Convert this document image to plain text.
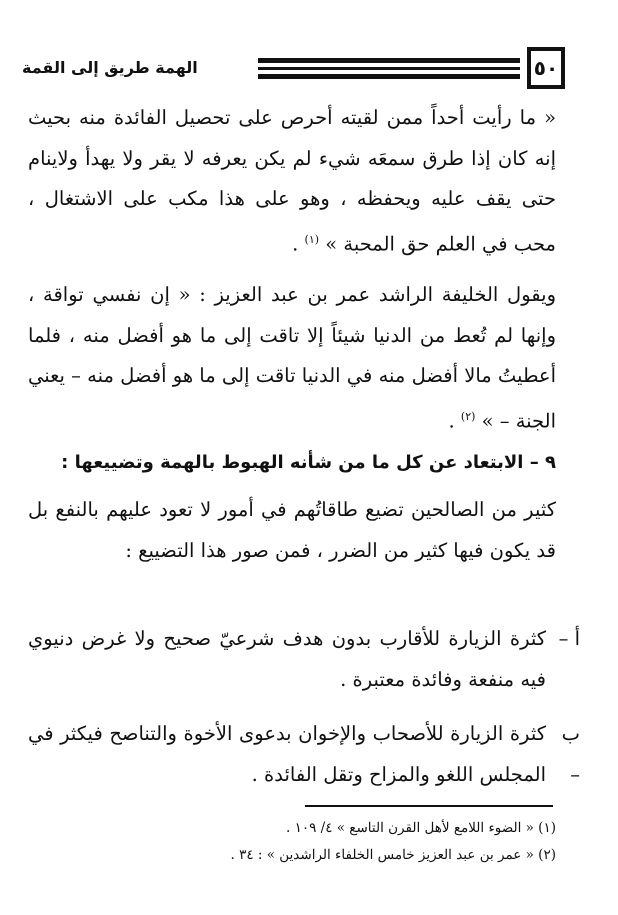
٥٠
الهمة طريق إلى القمة
« ما رأيت أحداً ممن لقيته أحرص على تحصيل الفائدة منه بحيث إنه كان إذا طرق سمعَه شيء لم يكن يعرفه لا يقر ولا يهدأ ولاينام حتى يقف عليه ويحفظه ، وهو على هذا مكب على الاشتغال ، محب في العلم حق المحبة » $^{(١)}$ .
ويقول الخليفة الراشد عمر بن عبد العزيز : « إن نفسي تواقة ، وإنها لم تُعط من الدنيا شيئاً إلا تاقت إلى ما هو أفضل منه ، فلما أعطيتُ مالا أفضل منه في الدنيا تاقت إلى ما هو أفضل منه – يعني الجنة – » $^{(٢)}$ .
٩ – الابتعاد عن كل ما من شأنه الهبوط بالهمة وتضييعها :
كثير من الصالحين تضيع طاقاتُهم في أمور لا تعود عليهم بالنفع بل قد يكون فيها كثير من الضرر ، فمن صور هذا التضييع :
أ –
كثرة الزيارة للأقارب بدون هدف شرعيّ صحيح ولا غرض دنيوي فيه منفعة وفائدة معتبرة .
ب –
كثرة الزيارة للأصحاب والإخوان بدعوى الأخوة والتناصح فيكثر في المجلس اللغو والمزاح وتقل الفائدة .
(١) « الضوء اللامع لأهل القرن التاسع » ٤/ ١٠٩ .
(٢) « عمر بن عبد العزيز خامس الخلفاء الراشدين » : ٣٤ .
